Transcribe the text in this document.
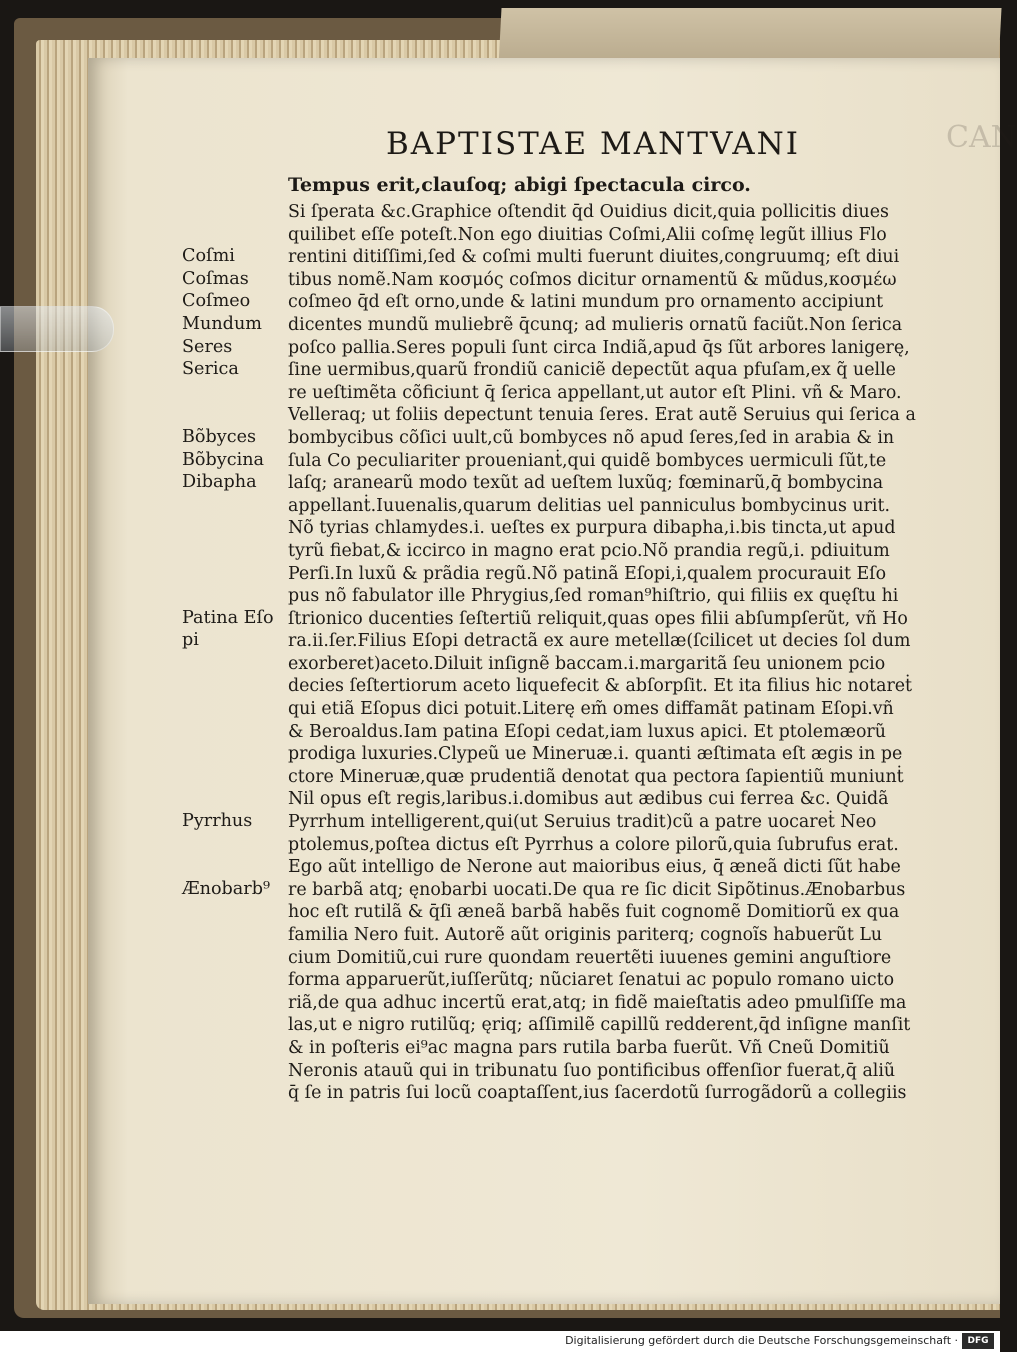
BAPTISTAE MANTVANI	CAN
Tempus erit,clauſoq; abigi ſpectacula circo.
Si ſperata &c.Graphice oſtendit q̄d Ouidius dicit,quia pollicitis diues
quilibet eſſe poteſt.Non ego diuitias Coſmi,Alii coſmę legũt illius Flo
rentini ditiſſimi,ſed & coſmi multi fuerunt diuites,congruumq; eſt diui
tibus nomẽ.Nam κοσμός coſmos dicitur ornamentũ & mũdus,κοσμέω
coſmeo q̄d eſt orno,unde & latini mundum pro ornamento accipiunt
dicentes mundũ muliebrẽ q̄cunq; ad mulieris ornatũ faciũt.Non ſerica
poſco pallia.Seres populi ſunt circa Indiã,apud q̄s ſũt arbores lanigerę,
ſine uermibus,quarũ frondiũ caniciẽ depectũt aqua pfuſam,ex q̃ uelle
re ueſtimẽta cõficiunt q̄ ſerica appellant,ut autor eſt Plini. vñ & Maro.
Velleraq; ut foliis depectunt tenuia ſeres. Erat autẽ Seruius qui ſerica a
bombycibus cõſici uult,cũ bombyces nõ apud ſeres,ſed in arabia & in
ſula Co peculiariter prouenianṫ,qui quidẽ bombyces uermiculi ſũt,te
laſq; aranearũ modo texũt ad ueſtem luxũq; fœminarũ,q̄ bombycina
appellanṫ.Iuuenalis,quarum delitias uel panniculus bombycinus urit.
Nõ tyrias chlamydes.i. ueſtes ex purpura dibapha,i.bis tincta,ut apud
tyrũ fiebat,& iccirco in magno erat pcio.Nõ prandia regũ,i. pdiuitum
Perſi.In luxũ & prãdia regũ.Nõ patinã Eſopi,i,qualem procurauit Eſo
pus nõ fabulator ille Phrygius,ſed roman⁹hiſtrio, qui filiis ex quęſtu hi
ſtrionico ducenties ſeſtertiũ reliquit,quas opes filii abſumpſerũt, vñ Ho
ra.ii.ſer.Filius Eſopi detractã ex aure metellæ(ſcilicet ut decies ſol dum
exorberet)aceto.Diluit inſignẽ baccam.i.margaritã ſeu unionem pcio
decies ſeſtertiorum aceto liquefecit & abſorpſit. Et ita filius hic notareṫ
qui etiã Eſopus dici potuit.Literę em̃ omes diffamãt patinam Eſopi.vñ
& Beroaldus.Iam patina Eſopi cedat,iam luxus apici. Et ptolemæorũ
prodiga luxuries.Clypeũ ue Mineruæ.i. quanti æſtimata eſt ægis in pe
ctore Mineruæ,quæ prudentiã denotat qua pectora ſapientiũ muniunṫ
Nil opus eſt regis,laribus.i.domibus aut ædibus cui ferrea &c. Quidã
Pyrrhum intelligerent,qui(ut Seruius tradit)cũ a patre uocareṫ Neo
ptolemus,poſtea dictus eſt Pyrrhus a colore pilorũ,quia ſubrufus erat.
Ego aũt intelligo de Nerone aut maioribus eius, q̄ æneã dicti ſũt habe
re barbã atq; ęnobarbi uocati.De qua re ſic dicit Sipõtinus.Ænobarbus
hoc eſt rutilã & q̄ſi æneã barbã habẽs fuit cognomẽ Domitiorũ ex qua
familia Nero fuit. Autorẽ aũt originis pariterq; cognoĩs habuerũt Lu
cium Domitiũ,cui rure quondam reuertẽti iuuenes gemini anguſtiore
forma apparuerũt,iuſſerũtq; nũciaret ſenatui ac populo romano uicto
riã,de qua adhuc incertũ erat,atq; in fidẽ maieſtatis adeo pmulſiſſe ma
las,ut e nigro rutilũq; ęriq; aſſimilẽ capillũ redderent,q̄d inſigne manſit
& in poſteris ei⁹ac magna pars rutila barba fuerũt. Vñ Cneũ Domitiũ
Neronis atauũ qui in tribunatu ſuo pontificibus offenſior fuerat,q̄ aliũ
q̄ ſe in patris ſui locũ coaptaſſent,ius ſacerdotũ ſurrogãdorũ a collegiis
Coſmi
Coſmas
Coſmeo
Mundum
Seres
Serica
Bõbyces
Bõbycina
Dibapha
Patina Eſo
pi
Pyrrhus
Ænobarb⁹
Digitalisierung gefördert durch die Deutsche Forschungsgemeinschaft ·	DFG
